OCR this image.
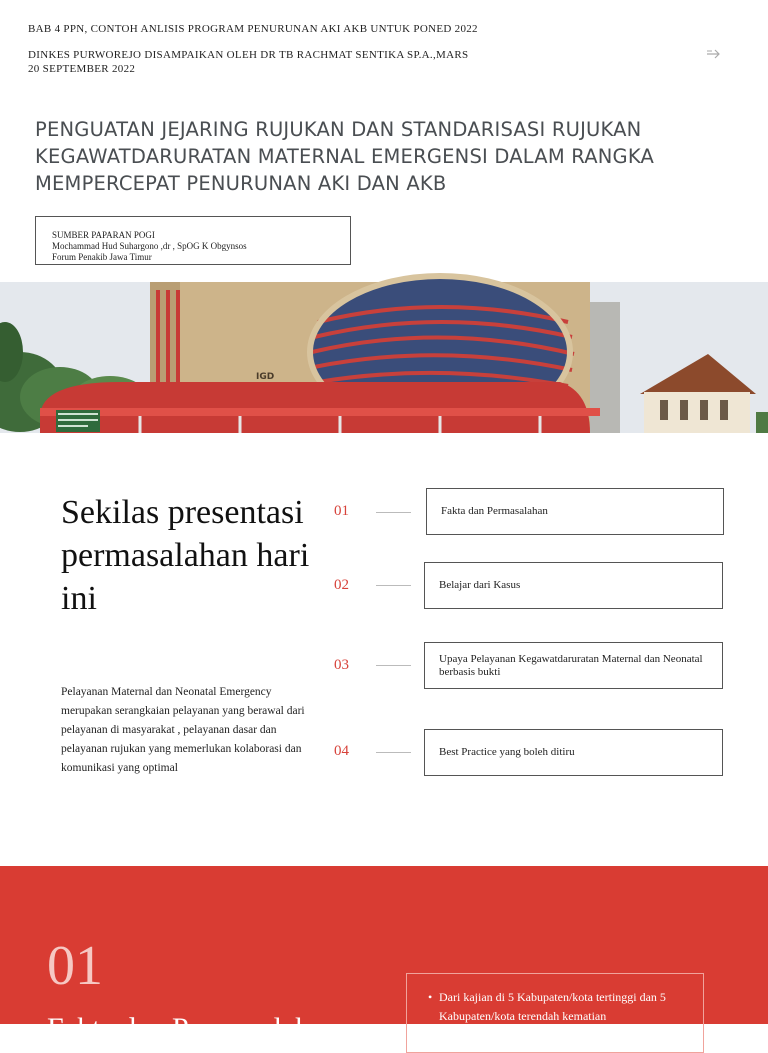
BAB 4 PPN, CONTOH ANLISIS PROGRAM PENURUNAN AKI AKB UNTUK PONED 2022
DINKES PURWOREJO DISAMPAIKAN OLEH DR TB RACHMAT SENTIKA SP.A.,MARS
20 SEPTEMBER 2022
PENGUATAN JEJARING RUJUKAN DAN STANDARISASI RUJUKAN
KEGAWATDARURATAN MATERNAL EMERGENSI DALAM RANGKA
MEMPERCEPAT PENURUNAN AKI DAN AKB
SUMBER PAPARAN POGI
Mochammad Hud Suhargono ,dr , SpOG K Obgynsos
Forum Penakib Jawa Timur
IGD
Sekilas presentasi permasalahan hari ini
Pelayanan Maternal dan Neonatal Emergency merupakan serangkaian pelayanan yang berawal dari pelayanan di masyarakat , pelayanan dasar dan pelayanan rujukan yang memerlukan kolaborasi dan komunikasi yang optimal
01	Fakta dan Permasalahan
02	Belajar dari Kasus
03	Upaya Pelayanan Kegawatdaruratan Maternal dan Neonatal berbasis bukti
04	Best Practice yang boleh ditiru
01
Fakta dan Permasalahan
• Dari kajian di 5 Kabupaten/kota tertinggi dan 5 Kabupaten/kota terendah kematian
